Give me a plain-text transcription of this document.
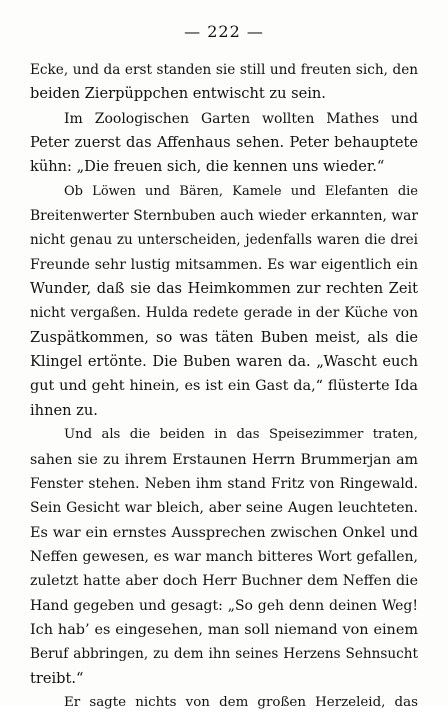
— 222 —
Ecke, und da erst standen sie still und freuten sich, den
beiden Zierpüppchen entwischt zu sein.
Im Zoologischen Garten wollten Mathes und
Peter zuerst das Affenhaus sehen. Peter behauptete
kühn: „Die freuen sich, die kennen uns wieder.“
Ob Löwen und Bären, Kamele und Elefanten die
Breitenwerter Sternbuben auch wieder erkannten, war
nicht genau zu unterscheiden, jedenfalls waren die drei
Freunde sehr lustig mitsammen. Es war eigentlich ein
Wunder, daß sie das Heimkommen zur rechten Zeit
nicht vergaßen. Hulda redete gerade in der Küche von
Zuspätkommen, so was täten Buben meist, als die
Klingel ertönte. Die Buben waren da. „Wascht euch
gut und geht hinein, es ist ein Gast da,“ flüsterte Ida
ihnen zu.
Und als die beiden in das Speisezimmer traten,
sahen sie zu ihrem Erstaunen Herrn Brummerjan am
Fenster stehen. Neben ihm stand Fritz von Ringewald.
Sein Gesicht war bleich, aber seine Augen leuchteten.
Es war ein ernstes Aussprechen zwischen Onkel und
Neffen gewesen, es war manch bitteres Wort gefallen,
zuletzt hatte aber doch Herr Buchner dem Neffen die
Hand gegeben und gesagt: „So geh denn deinen Weg!
Ich hab’ es eingesehen, man soll niemand von einem
Beruf abbringen, zu dem ihn seines Herzens Sehnsucht
treibt.“
Er sagte nichts von dem großen Herzeleid, das
